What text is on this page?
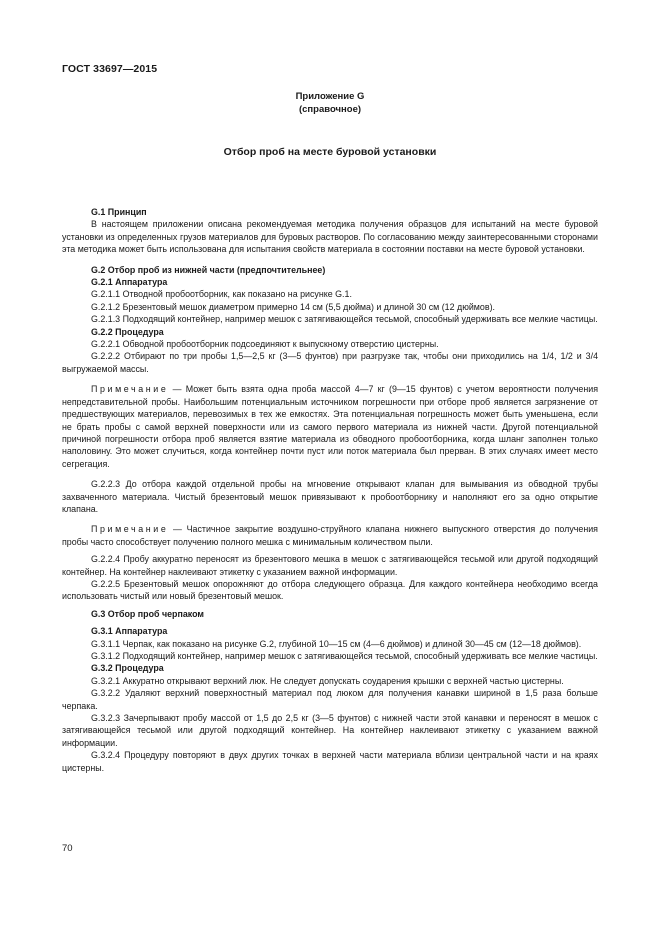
ГОСТ 33697—2015
Приложение G
(справочное)
Отбор проб на месте буровой установки

G.1 Принцип

В настоящем приложении описана рекомендуемая методика получения образцов для испытаний на месте буровой установки из определенных грузов материалов для буровых растворов. По согласованию между заинтересованными сторонами эта методика может быть использована для испытания свойств материала в состоянии поставки на месте буровой установки.

G.2 Отбор проб из нижней части (предпочтительнее)

G.2.1 Аппаратура

G.2.1.1 Отводной пробоотборник, как показано на рисунке G.1.

G.2.1.2 Брезентовый мешок диаметром примерно 14 см (5,5 дюйма) и длиной 30 см (12 дюймов).

G.2.1.3 Подходящий контейнер, например мешок с затягивающейся тесьмой, способный удерживать все мелкие частицы.

G.2.2 Процедура

G.2.2.1 Обводной пробоотборник подсоединяют к выпускному отверстию цистерны.

G.2.2.2 Отбирают по три пробы 1,5—2,5 кг (3—5 фунтов) при разгрузке так, чтобы они приходились на 1/4, 1/2 и 3/4 выгружаемой массы.

Примечание — Может быть взята одна проба массой 4—7 кг (9—15 фунтов) с учетом вероятности получения непредставительной пробы. Наибольшим потенциальным источником погрешности при отборе проб является загрязнение от предшествующих материалов, перевозимых в тех же емкостях. Эта потенциальная погрешность может быть уменьшена, если не брать пробы с самой верхней поверхности или из самого первого материала из нижней части. Другой потенциальной причиной погрешности отбора проб является взятие материала из обводного пробоотборника, когда шланг заполнен только наполовину. Это может случиться, когда контейнер почти пуст или поток материала был прерван. В этих случаях имеет место сегрегация.

G.2.2.3 До отбора каждой отдельной пробы на мгновение открывают клапан для вымывания из обводной трубы захваченного материала. Чистый брезентовый мешок привязывают к пробоотборнику и наполняют его за одно открытие клапана.

Примечание — Частичное закрытие воздушно-струйного клапана нижнего выпускного отверстия до получения пробы часто способствует получению полного мешка с минимальным количеством пыли.

G.2.2.4 Пробу аккуратно переносят из брезентового мешка в мешок с затягивающейся тесьмой или другой подходящий контейнер. На контейнер наклеивают этикетку с указанием важной информации.

G.2.2.5 Брезентовый мешок опорожняют до отбора следующего образца. Для каждого контейнера необходимо всегда использовать чистый или новый брезентовый мешок.

G.3 Отбор проб черпаком

G.3.1 Аппаратура

G.3.1.1 Черпак, как показано на рисунке G.2, глубиной 10—15 см (4—6 дюймов) и длиной 30—45 см (12—18 дюймов).

G.3.1.2 Подходящий контейнер, например мешок с затягивающейся тесьмой, способный удерживать все мелкие частицы.

G.3.2 Процедура

G.3.2.1 Аккуратно открывают верхний люк. Не следует допускать соударения крышки с верхней частью цистерны.

G.3.2.2 Удаляют верхний поверхностный материал под люком для получения канавки шириной в 1,5 раза больше черпака.

G.3.2.3 Зачерпывают пробу массой от 1,5 до 2,5 кг (3—5 фунтов) с нижней части этой канавки и переносят в мешок с затягивающейся тесьмой или другой подходящий контейнер. На контейнер наклеивают этикетку с указанием важной информации.

G.3.2.4 Процедуру повторяют в двух других точках в верхней части материала вблизи центральной части и на краях цистерны.

70
